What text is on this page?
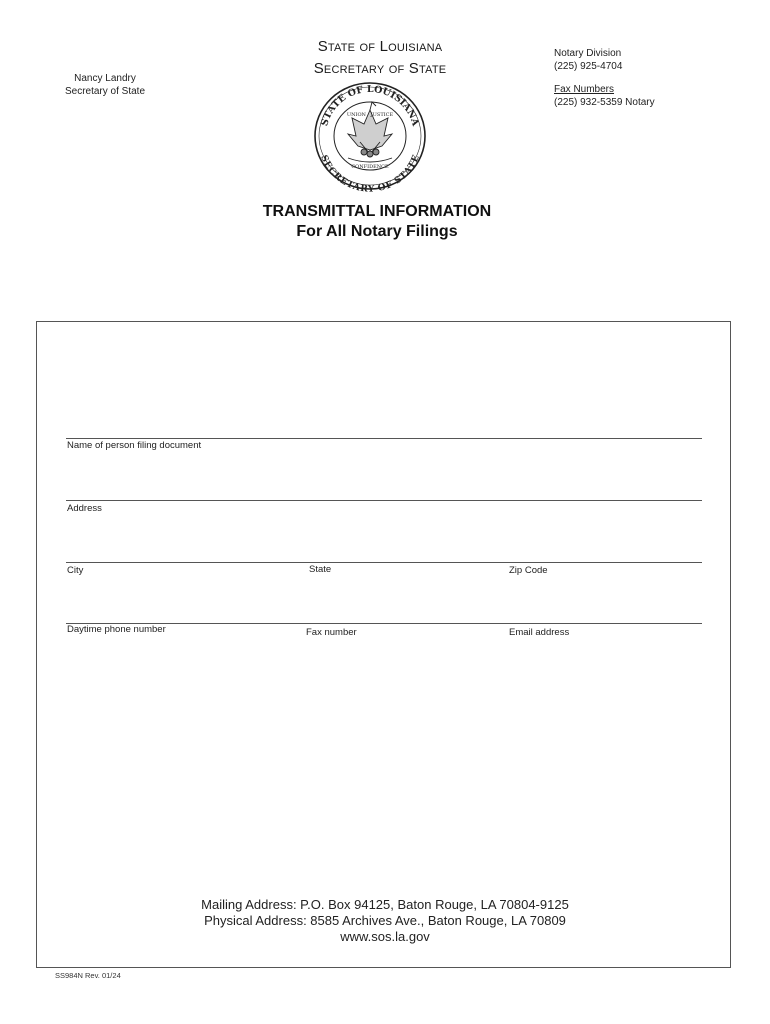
Nancy Landry
Secretary of State
State of Louisiana
Secretary of State
STATE OF LOUISIANA
SECRETARY OF STATE
UNION · JUSTICE
CONFIDENCE
Notary Division
(225) 925-4704
Fax Numbers
(225) 932-5359 Notary
TRANSMITTAL INFORMATION
For All Notary Filings
Name of person filing document
Address
City	State	Zip Code
Daytime phone number	Fax number	Email address
Mailing Address: P.O. Box 94125, Baton Rouge, LA 70804-9125
Physical Address: 8585 Archives Ave., Baton Rouge, LA 70809
www.sos.la.gov
SS984N Rev. 01/24
